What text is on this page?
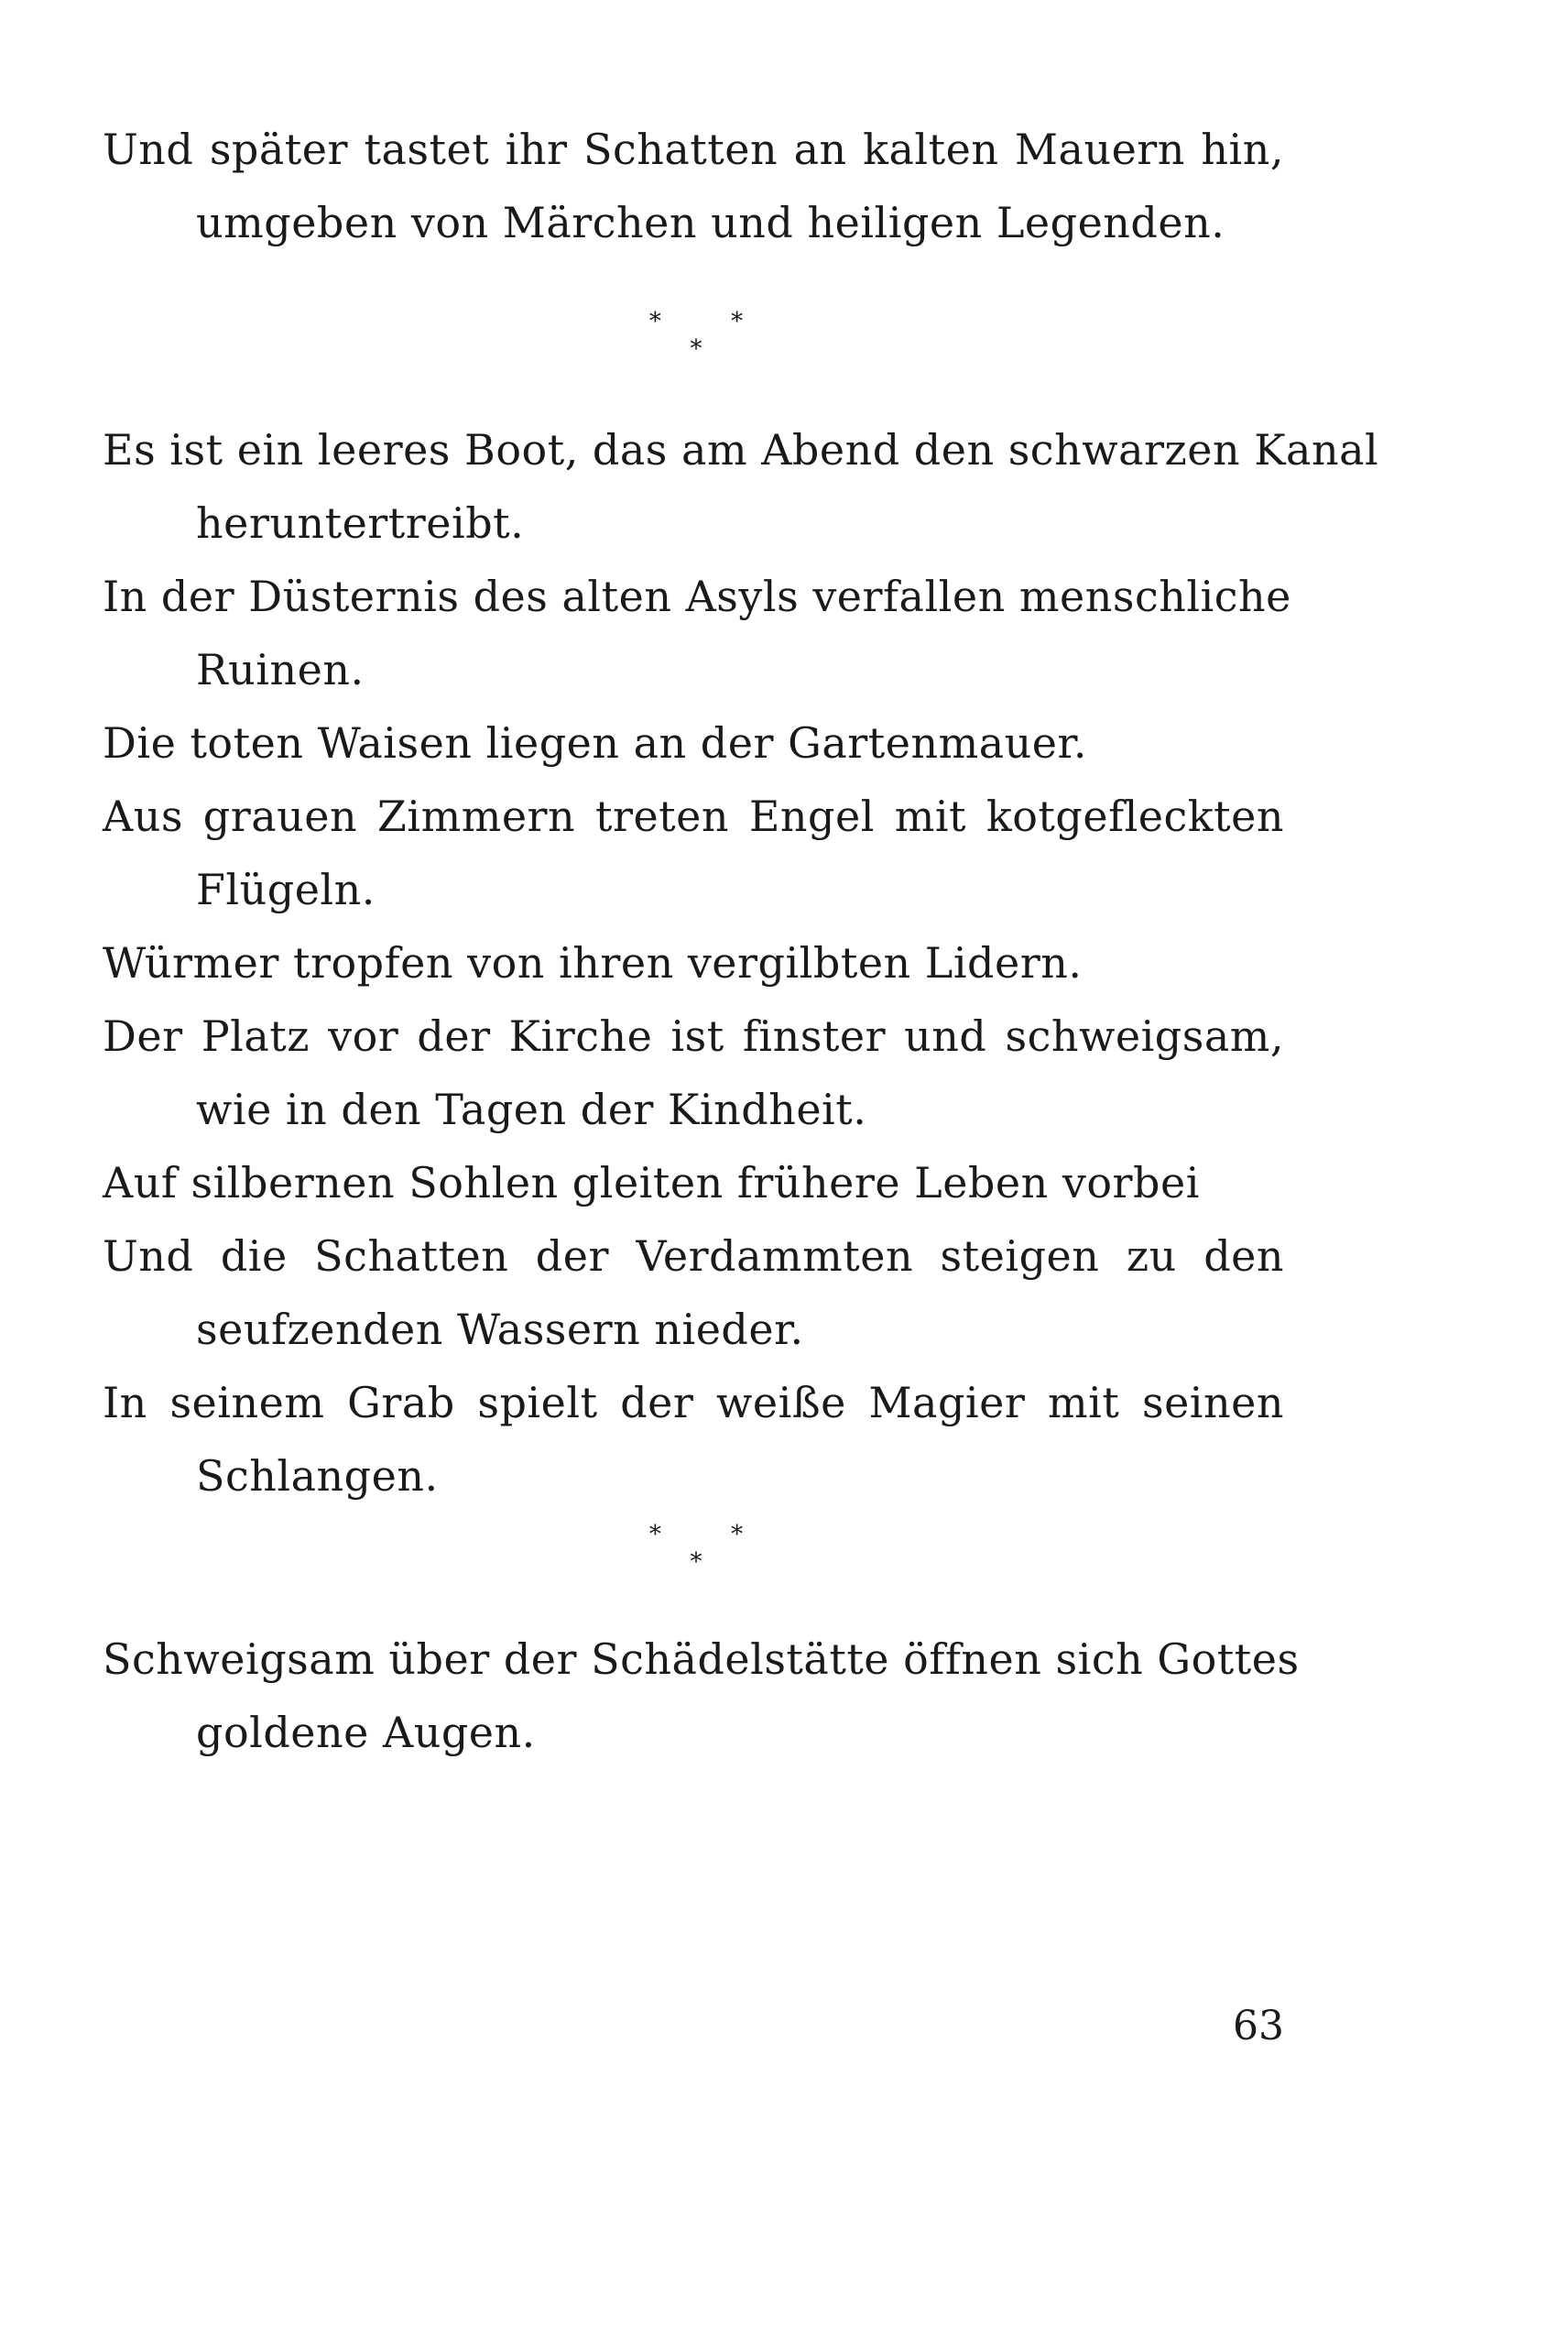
Und später tastet ihr Schatten an kalten Mauern hin,
umgeben von Märchen und heiligen Legenden.
* * *
Es ist ein leeres Boot, das am Abend den schwarzen Kanal
heruntertreibt.
In der Düsternis des alten Asyls verfallen menschliche
Ruinen.
Die toten Waisen liegen an der Gartenmauer.
Aus grauen Zimmern treten Engel mit kotgefleckten
Flügeln.
Würmer tropfen von ihren vergilbten Lidern.
Der Platz vor der Kirche ist finster und schweigsam,
wie in den Tagen der Kindheit.
Auf silbernen Sohlen gleiten frühere Leben vorbei
Und die Schatten der Verdammten steigen zu den
seufzenden Wassern nieder.
In seinem Grab spielt der weiße Magier mit seinen
Schlangen.
* * *
Schweigsam über der Schädelstätte öffnen sich Gottes
goldene Augen.
63
